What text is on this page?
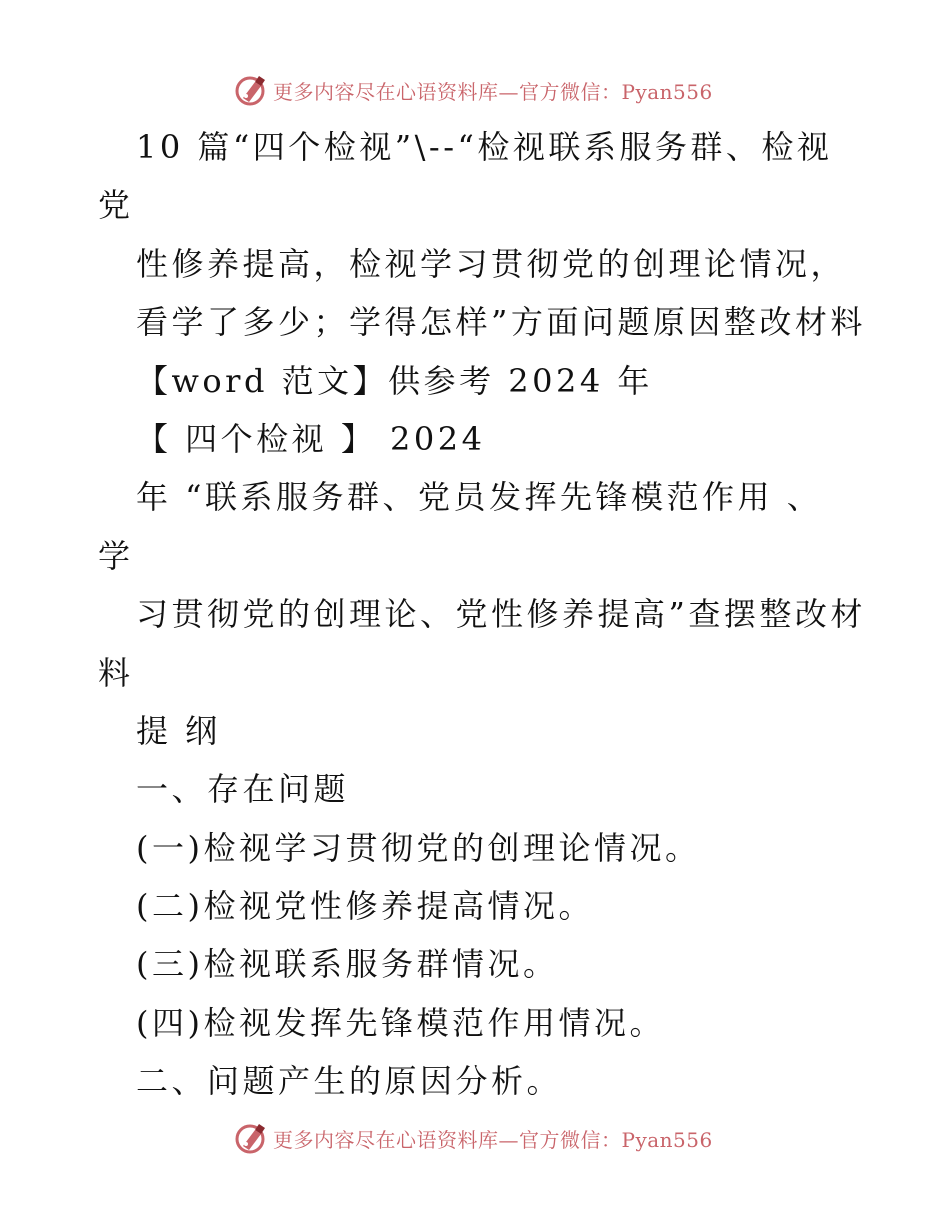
更多内容尽在心语资料库—官方微信：Pyan556
10 篇“四个检视”\--“检视联系服务群、检视
党
性修养提高，检视学习贯彻党的创理论情况，
看学了多少；学得怎样”方面问题原因整改材料
【word 范文】供参考 2024 年
【 四个检视 】 2024
年 “联系服务群、党员发挥先锋模范作用 、
学
习贯彻党的创理论、党性修养提高”查摆整改材
料
提 纲
一、存在问题
(一)检视学习贯彻党的创理论情况。
(二)检视党性修养提高情况。
(三)检视联系服务群情况。
(四)检视发挥先锋模范作用情况。
二、问题产生的原因分析。
更多内容尽在心语资料库—官方微信：Pyan556
